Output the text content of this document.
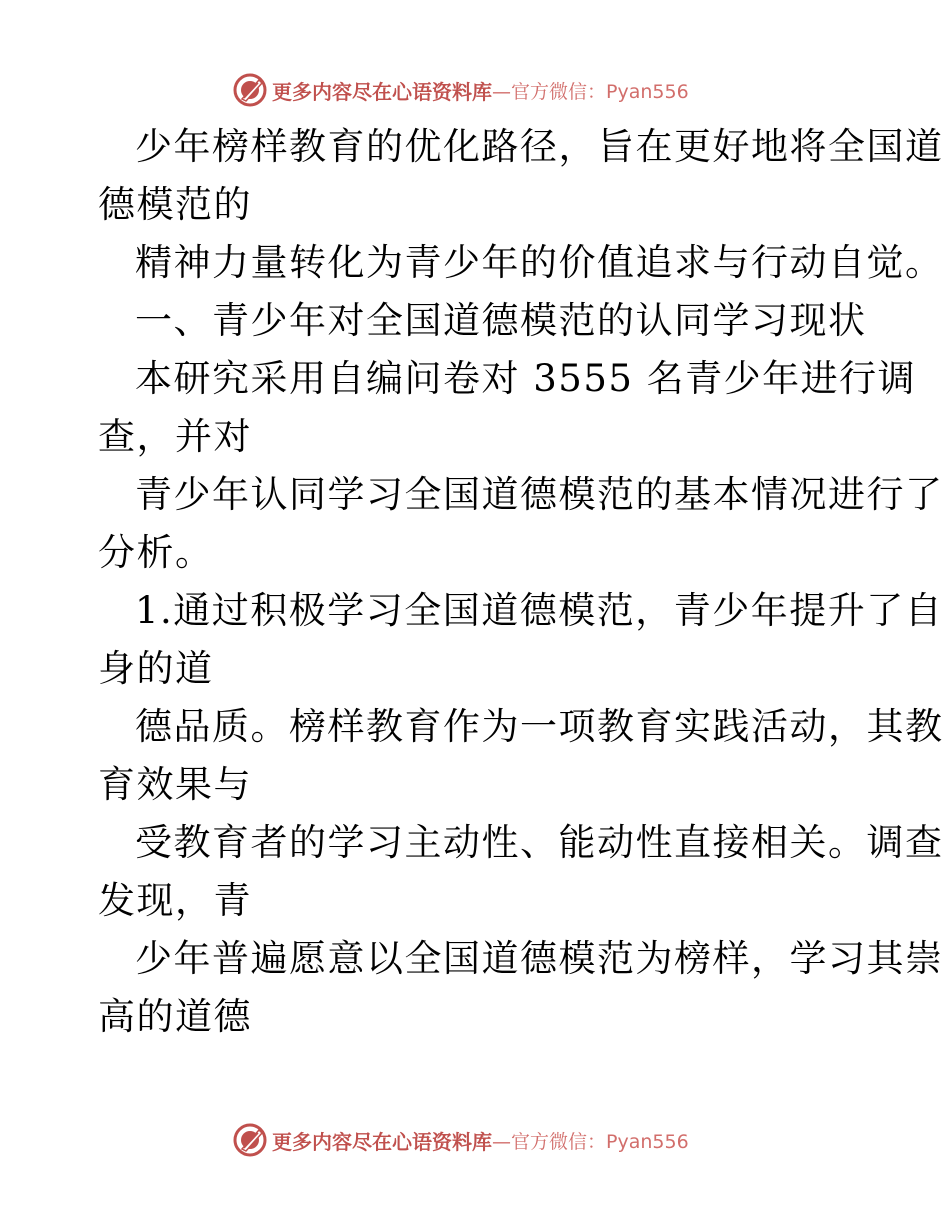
更多内容尽在心语资料库 —官方微信：Pyan556

少年榜样教育的优化路径，旨在更好地将全国道
德模范的

精神力量转化为青少年的价值追求与行动自觉。

一、青少年对全国道德模范的认同学习现状

本研究采用自编问卷对 3555 名青少年进行调
查，并对

青少年认同学习全国道德模范的基本情况进行了
分析。

1.通过积极学习全国道德模范，青少年提升了自
身的道

德品质。榜样教育作为一项教育实践活动，其教
育效果与

受教育者的学习主动性、能动性直接相关。调查
发现，青

少年普遍愿意以全国道德模范为榜样，学习其崇
高的道德

更多内容尽在心语资料库 —官方微信：Pyan556
